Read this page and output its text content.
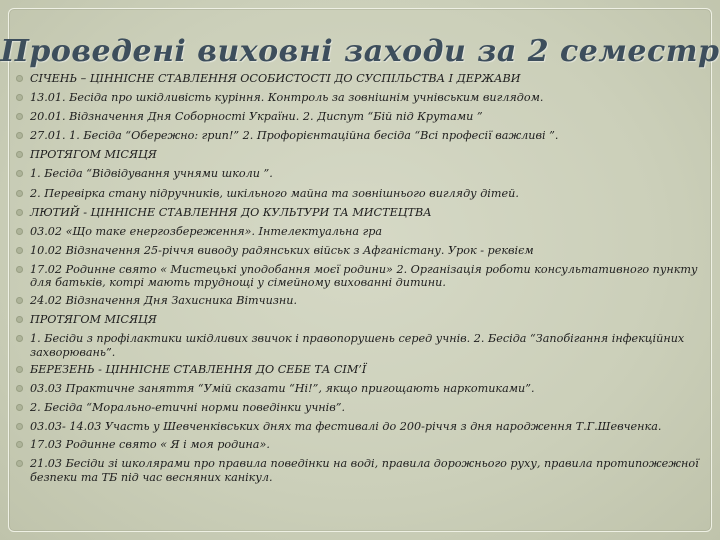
Проведені виховні заходи за 2 семестр
СІЧЕНЬ – ЦІННІСНЕ СТАВЛЕННЯ ОСОБИСТОСТІ ДО СУСПІЛЬСТВА І ДЕРЖАВИ
13.01. Бесіда про шкідливість куріння. Контроль за зовнішнім учнівським виглядом.
20.01. Відзначення Дня Соборності України. 2. Диспут “Бій під Крутами ”
27.01. 1. Бесіда “Обережно: грип!” 2. Профорієнтаційна бесіда “Всі професії важливі ”.
ПРОТЯГОМ МІСЯЦЯ
1. Бесіда “Відвідування учнями школи ”.
2. Перевірка стану підручників, шкільного майна та зовнішнього вигляду дітей.
ЛЮТИЙ - ЦІННІСНЕ СТАВЛЕННЯ ДО КУЛЬТУРИ ТА МИСТЕЦТВА
03.02 «Що таке енергозбереження». Інтелектуальна гра
10.02 Відзначення 25-річчя виводу радянських військ з Афганістану. Урок - реквієм
17.02 Родинне свято « Мистецькі уподобання моєї родини» 2. Організація роботи консультативного пункту для батьків, котрі мають труднощі у сімейному вихованні дитини.
24.02 Відзначення Дня Захисника Вітчизни.
ПРОТЯГОМ МІСЯЦЯ
1. Бесіди з профілактики шкідливих звичок і правопорушень серед учнів. 2. Бесіда “Запобігання інфекційних захворювань”.
БЕРЕЗЕНЬ - ЦІННІСНЕ СТАВЛЕННЯ ДО СЕБЕ ТА СІМ’Ї
03.03 Практичне заняття “Умій сказати “Ні!”, якщо пригощають наркотиками”.
2. Бесіда “Морально-етичні норми поведінки учнів”.
03.03- 14.03 Участь у Шевченківських днях та фестивалі до 200-річчя з дня народження Т.Г.Шевченка.
17.03 Родинне свято « Я і моя родина».
21.03 Бесіди зі школярами про правила поведінки на воді, правила дорожнього руху, правила протипожежної безпеки та ТБ під час весняних канікул.
